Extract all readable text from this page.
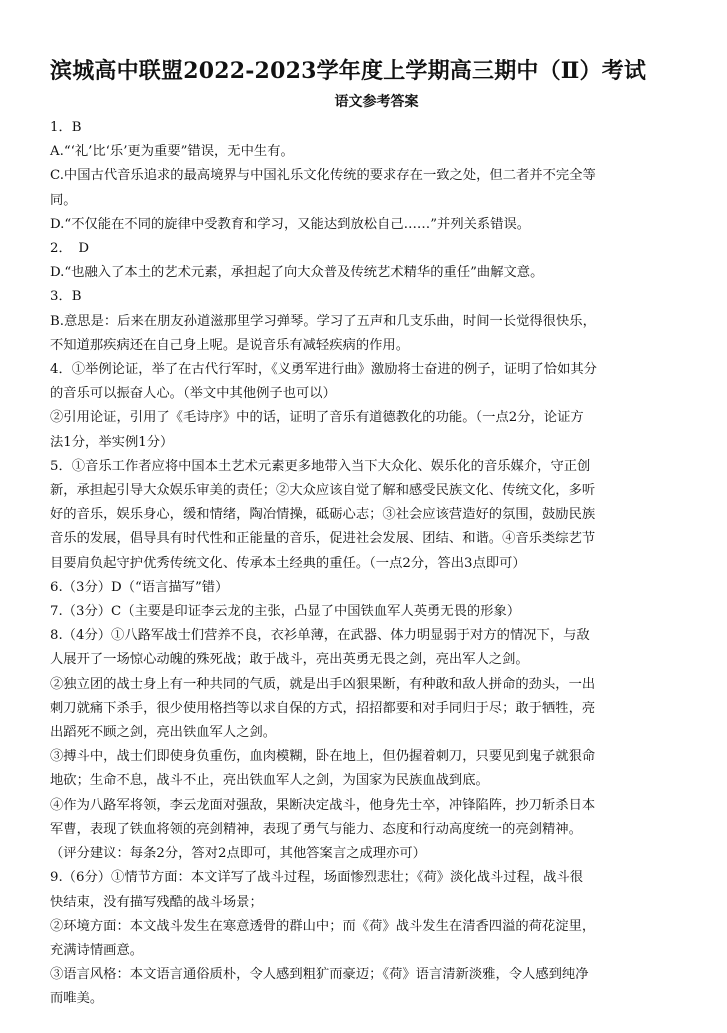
滨城高中联盟2022-2023学年度上学期高三期中（Ⅱ）考试
语文参考答案
1．B
A.“‘礼’比‘乐’更为重要”错误，无中生有。
C.中国古代音乐追求的最高境界与中国礼乐文化传统的要求存在一致之处，但二者并不完全等
同。
D.“不仅能在不同的旋律中受教育和学习，又能达到放松自己……”并列关系错误。
2．　D
D.“也融入了本土的艺术元素，承担起了向大众普及传统艺术精华的重任”曲解文意。
3．B
B.意思是：后来在朋友孙道滋那里学习弹琴。学习了五声和几支乐曲，时间一长觉得很快乐，
不知道那疾病还在自己身上呢。是说音乐有减轻疾病的作用。
4．①举例论证，举了在古代行军时，《义勇军进行曲》激励将士奋进的例子，证明了恰如其分
的音乐可以振奋人心。（举文中其他例子也可以）
②引用论证，引用了《毛诗序》中的话，证明了音乐有道德教化的功能。（一点2分，论证方
法1分，举实例1分）
5．①音乐工作者应将中国本土艺术元素更多地带入当下大众化、娱乐化的音乐媒介，守正创
新，承担起引导大众娱乐审美的责任；②大众应该自觉了解和感受民族文化、传统文化，多听
好的音乐，娱乐身心，缓和情绪，陶冶情操，砥砺心志；③社会应该营造好的氛围，鼓励民族
音乐的发展，倡导具有时代性和正能量的音乐，促进社会发展、团结、和谐。④音乐类综艺节
目要肩负起守护优秀传统文化、传承本土经典的重任。（一点2分，答出3点即可）
6.（3分）D（“语言描写”错）
7.（3分）C（主要是印证李云龙的主张，凸显了中国铁血军人英勇无畏的形象）
8.（4分）①八路军战士们营养不良，衣衫单薄，在武器、体力明显弱于对方的情况下，与敌
人展开了一场惊心动魄的殊死战；敢于战斗，亮出英勇无畏之剑，亮出军人之剑。
②独立团的战士身上有一种共同的气质，就是出手凶狠果断，有种敢和敌人拼命的劲头，一出
刺刀就痛下杀手，很少使用格挡等以求自保的方式，招招都要和对手同归于尽；敢于牺牲，亮
出蹈死不顾之剑，亮出铁血军人之剑。
③搏斗中，战士们即使身负重伤，血肉模糊，卧在地上，但仍握着刺刀，只要见到鬼子就狠命
地砍；生命不息，战斗不止，亮出铁血军人之剑，为国家为民族血战到底。
④作为八路军将领，李云龙面对强敌，果断决定战斗，他身先士卒，冲锋陷阵，抄刀斩杀日本
军曹，表现了铁血将领的亮剑精神，表现了勇气与能力、态度和行动高度统一的亮剑精神。
（评分建议：每条2分，答对2点即可，其他答案言之成理亦可）
9.（6分）①情节方面：本文详写了战斗过程，场面惨烈悲壮；《荷》淡化战斗过程，战斗很
快结束，没有描写残酷的战斗场景；
②环境方面：本文战斗发生在寒意透骨的群山中；而《荷》战斗发生在清香四溢的荷花淀里，
充满诗情画意。
③语言风格：本文语言通俗质朴，令人感到粗犷而豪迈；《荷》语言清新淡雅，令人感到纯净
而唯美。
